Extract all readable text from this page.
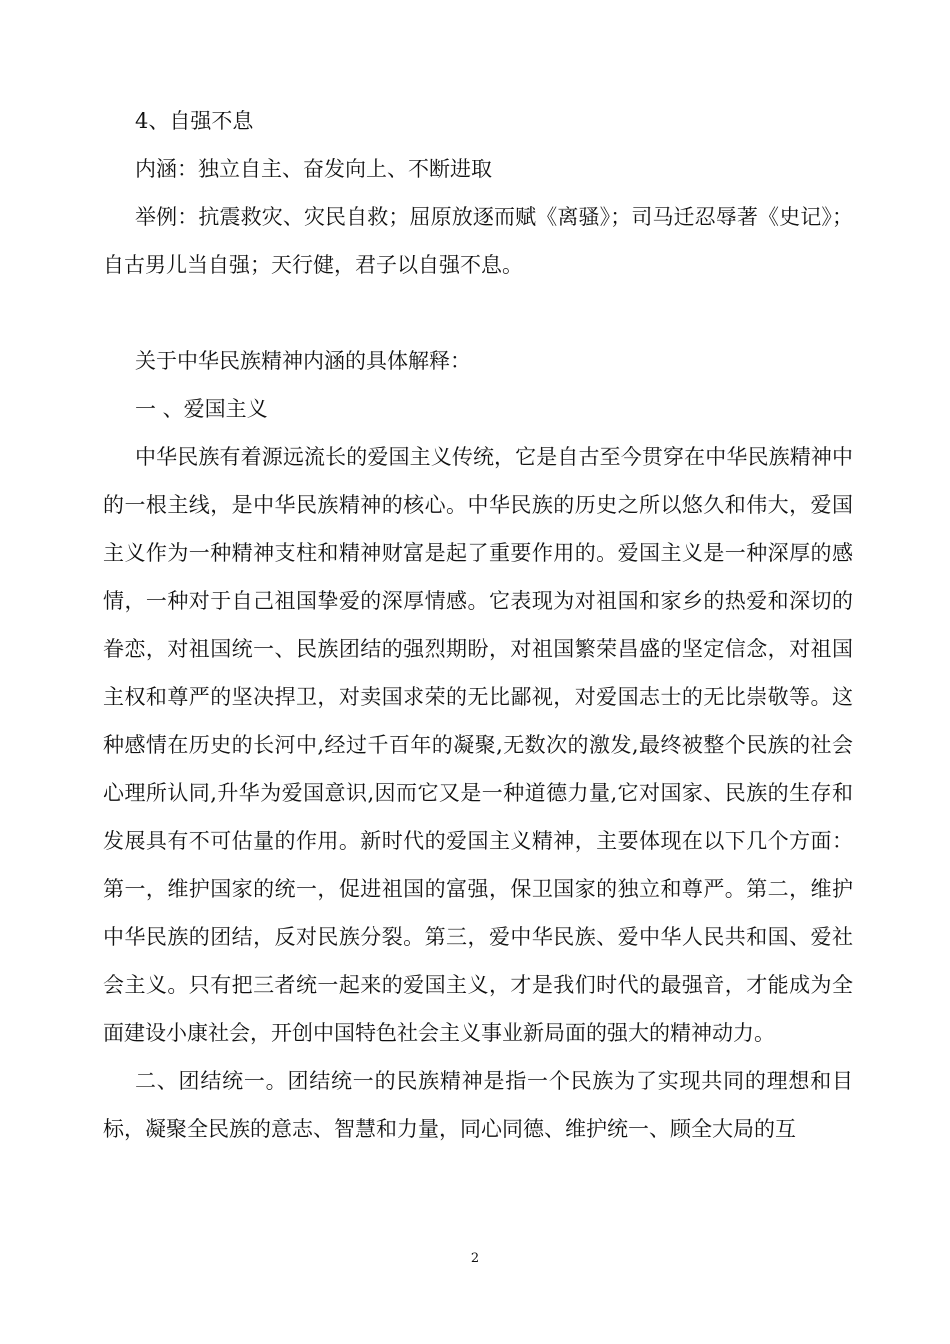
4、自强不息

内涵：独立自主、奋发向上、不断进取

举例：抗震救灾、灾民自救；屈原放逐而赋《离骚》；司马迁忍辱著《史记》；自古男儿当自强；天行健，君子以自强不息。

关于中华民族精神内涵的具体解释：

一 、爱国主义

中华民族有着源远流长的爱国主义传统，它是自古至今贯穿在中华民族精神中的一根主线，是中华民族精神的核心。中华民族的历史之所以悠久和伟大，爱国主义作为一种精神支柱和精神财富是起了重要作用的。爱国主义是一种深厚的感情，一种对于自己祖国挚爱的深厚情感。它表现为对祖国和家乡的热爱和深切的眷恋，对祖国统一、民族团结的强烈期盼，对祖国繁荣昌盛的坚定信念，对祖国主权和尊严的坚决捍卫，对卖国求荣的无比鄙视，对爱国志士的无比崇敬等。这种感情在历史的长河中,经过千百年的凝聚,无数次的激发,最终被整个民族的社会心理所认同,升华为爱国意识,因而它又是一种道德力量,它对国家、民族的生存和发展具有不可估量的作用。新时代的爱国主义精神，主要体现在以下几个方面：第一，维护国家的统一，促进祖国的富强，保卫国家的独立和尊严。第二，维护中华民族的团结，反对民族分裂。第三，爱中华民族、爱中华人民共和国、爱社会主义。只有把三者统一起来的爱国主义，才是我们时代的最强音，才能成为全面建设小康社会，开创中国特色社会主义事业新局面的强大的精神动力。

二、团结统一。团结统一的民族精神是指一个民族为了实现共同的理想和目标，凝聚全民族的意志、智慧和力量，同心同德、维护统一、顾全大局的互

2
